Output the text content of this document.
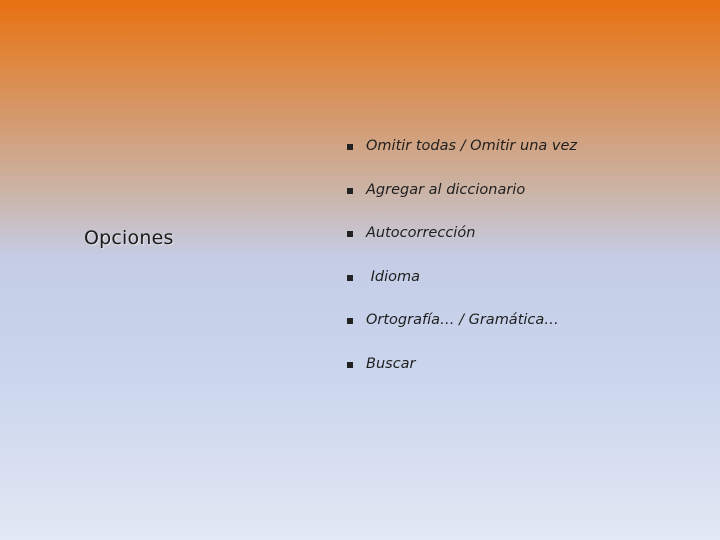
Opciones
Omitir todas / Omitir una vez
Agregar al diccionario
Autocorrección
Idioma
Ortografía… / Gramática…
Buscar
